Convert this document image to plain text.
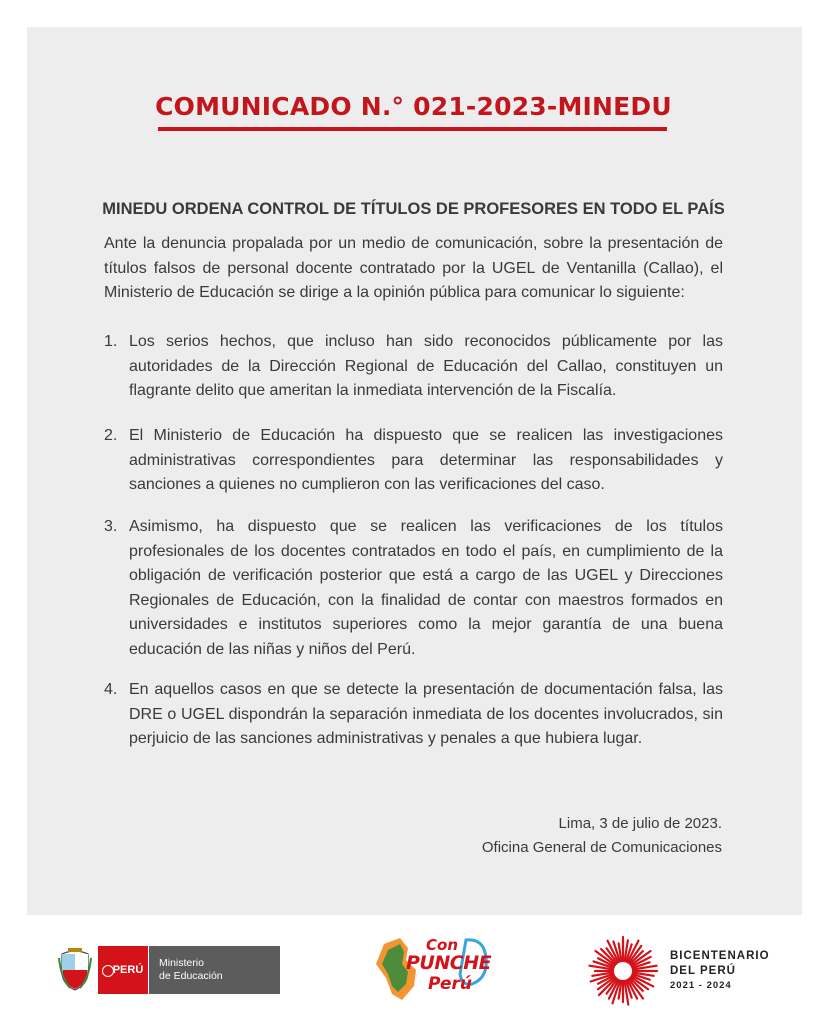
COMUNICADO N.° 021-2023-MINEDU
MINEDU ORDENA CONTROL DE TÍTULOS DE PROFESORES EN TODO EL PAÍS

Ante la denuncia propalada por un medio de comunicación, sobre la presentación de títulos falsos de personal docente contratado por la UGEL de Ventanilla (Callao), el Ministerio de Educación se dirige a la opinión pública para comunicar lo siguiente:

1. Los serios hechos, que incluso han sido reconocidos públicamente por las autoridades de la Dirección Regional de Educación del Callao, constituyen un flagrante delito que ameritan la inmediata intervención de la Fiscalía.
2. El Ministerio de Educación ha dispuesto que se realicen las investigaciones administrativas correspondientes para determinar las responsabilidades y sanciones a quienes no cumplieron con las verificaciones del caso.
3. Asimismo, ha dispuesto que se realicen las verificaciones de los títulos profesionales de los docentes contratados en todo el país, en cumplimiento de la obligación de verificación posterior que está a cargo de las UGEL y Direcciones Regionales de Educación, con la finalidad de contar con maestros formados en universidades e institutos superiores como la mejor garantía de una buena educación de las niñas y niños del Perú.
4. En aquellos casos en que se detecte la presentación de documentación falsa, las DRE o UGEL dispondrán la separación inmediata de los docentes involucrados, sin perjuicio de las sanciones administrativas y penales a que hubiera lugar.
Lima, 3 de julio de 2023.
Oficina General de Comunicaciones
PERÚ
Ministerio
de Educación
Con
PUNCHE
Perú
BICENTENARIO
DEL PERÚ
2021 - 2024
